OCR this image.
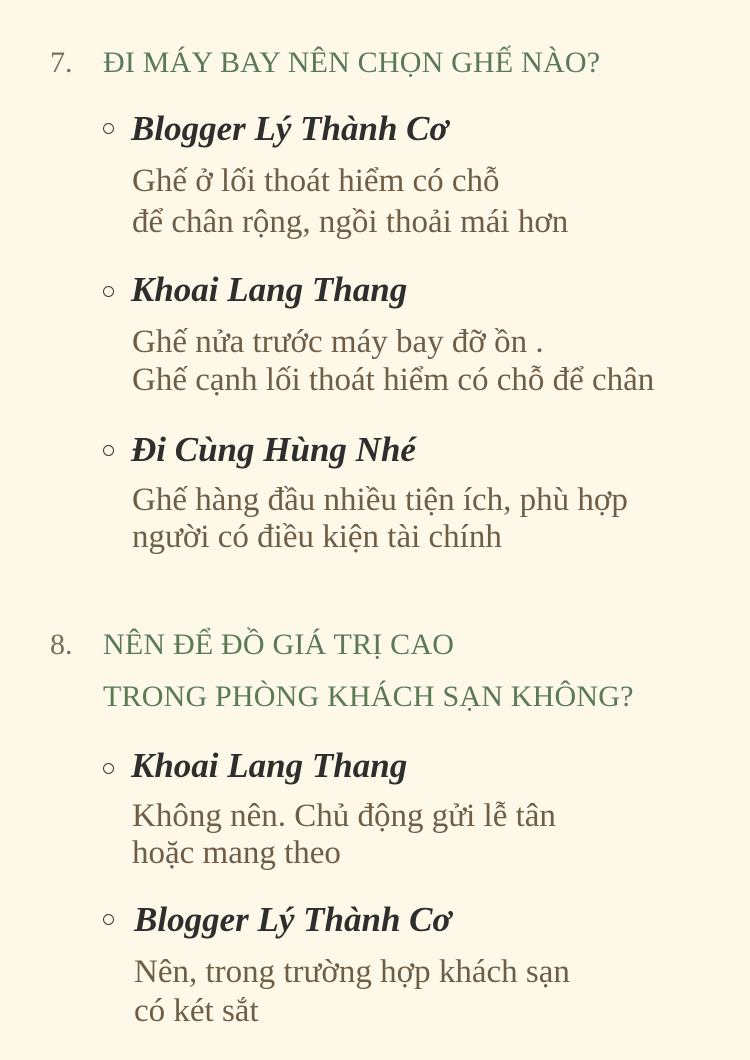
7. ĐI MÁY BAY NÊN CHỌN GHẾ NÀO?
Blogger Lý Thành Cơ
Ghế ở lối thoát hiểm có chỗ
để chân rộng, ngồi thoải mái hơn
Khoai Lang Thang
Ghế nửa trước máy bay đỡ ồn .
Ghế cạnh lối thoát hiểm có chỗ để chân
Đi Cùng Hùng Nhé
Ghế hàng đầu nhiều tiện ích, phù hợp
người có điều kiện tài chính
8. NÊN ĐỂ ĐỒ GIÁ TRỊ CAO
TRONG PHÒNG KHÁCH SẠN KHÔNG?
Khoai Lang Thang
Không nên. Chủ động gửi lễ tân
hoặc mang theo
Blogger Lý Thành Cơ
Nên, trong trường hợp khách sạn
có két sắt
